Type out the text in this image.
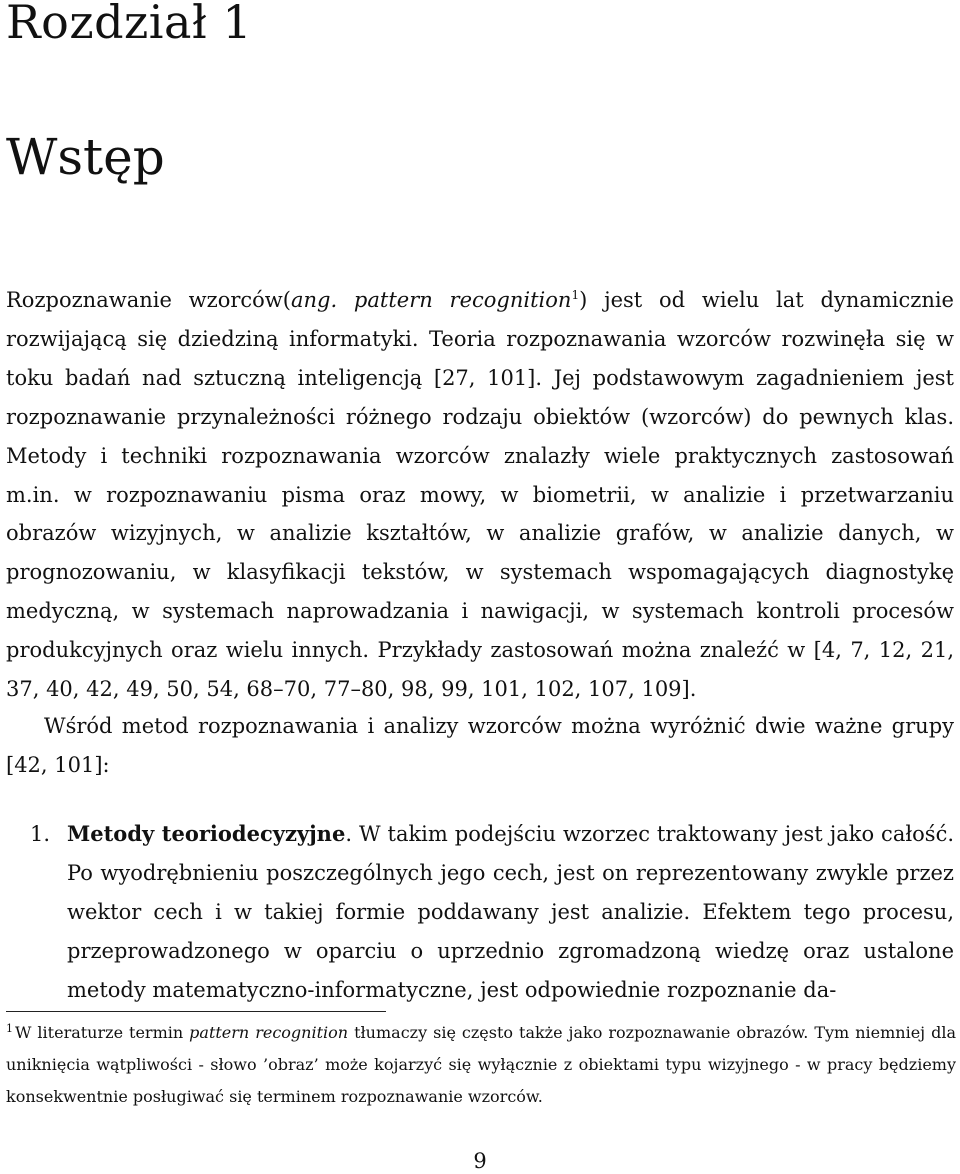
Rozdział 1
Wstęp

Rozpoznawanie wzorców(ang. pattern recognition$^1$) jest od wielu lat dynamicznie rozwijającą się dziedziną informatyki. Teoria rozpoznawania wzorców rozwinęła się w toku badań nad sztuczną inteligencją [27, 101]. Jej podstawowym zagadnieniem jest rozpoznawanie przynależności różnego rodzaju obiektów (wzorców) do pewnych klas. Metody i techniki rozpoznawania wzorców znalazły wiele praktycznych zastosowań m.in. w rozpoznawaniu pisma oraz mowy, w biometrii, w analizie i przetwarzaniu obrazów wizyjnych, w analizie kształtów, w analizie grafów, w analizie danych, w prognozowaniu, w klasyfikacji tekstów, w systemach wspomagających diagnostykę medyczną, w systemach naprowadzania i nawigacji, w systemach kontroli procesów produkcyjnych oraz wielu innych. Przykłady zastosowań można znaleźć w [4, 7, 12, 21, 37, 40, 42, 49, 50, 54, 68–70, 77–80, 98, 99, 101, 102, 107, 109].

Wśród metod rozpoznawania i analizy wzorców można wyróżnić dwie ważne grupy [42, 101]:

1. Metody teoriodecyzyjne. W takim podejściu wzorzec traktowany jest jako całość. Po wyodrębnieniu poszczególnych jego cech, jest on reprezentowany zwykle przez wektor cech i w takiej formie poddawany jest analizie. Efektem tego procesu, przeprowadzonego w oparciu o uprzednio zgromadzoną wiedzę oraz ustalone metody matematyczno-informatyczne, jest odpowiednie rozpoznanie da-

$^1$ W literaturze termin pattern recognition tłumaczy się często także jako rozpoznawanie obrazów. Tym niemniej dla uniknięcia wątpliwości - słowo ’obraz’ może kojarzyć się wyłącznie z obiektami typu wizyjnego - w pracy będziemy konsekwentnie posługiwać się terminem rozpoznawanie wzorców.

9
